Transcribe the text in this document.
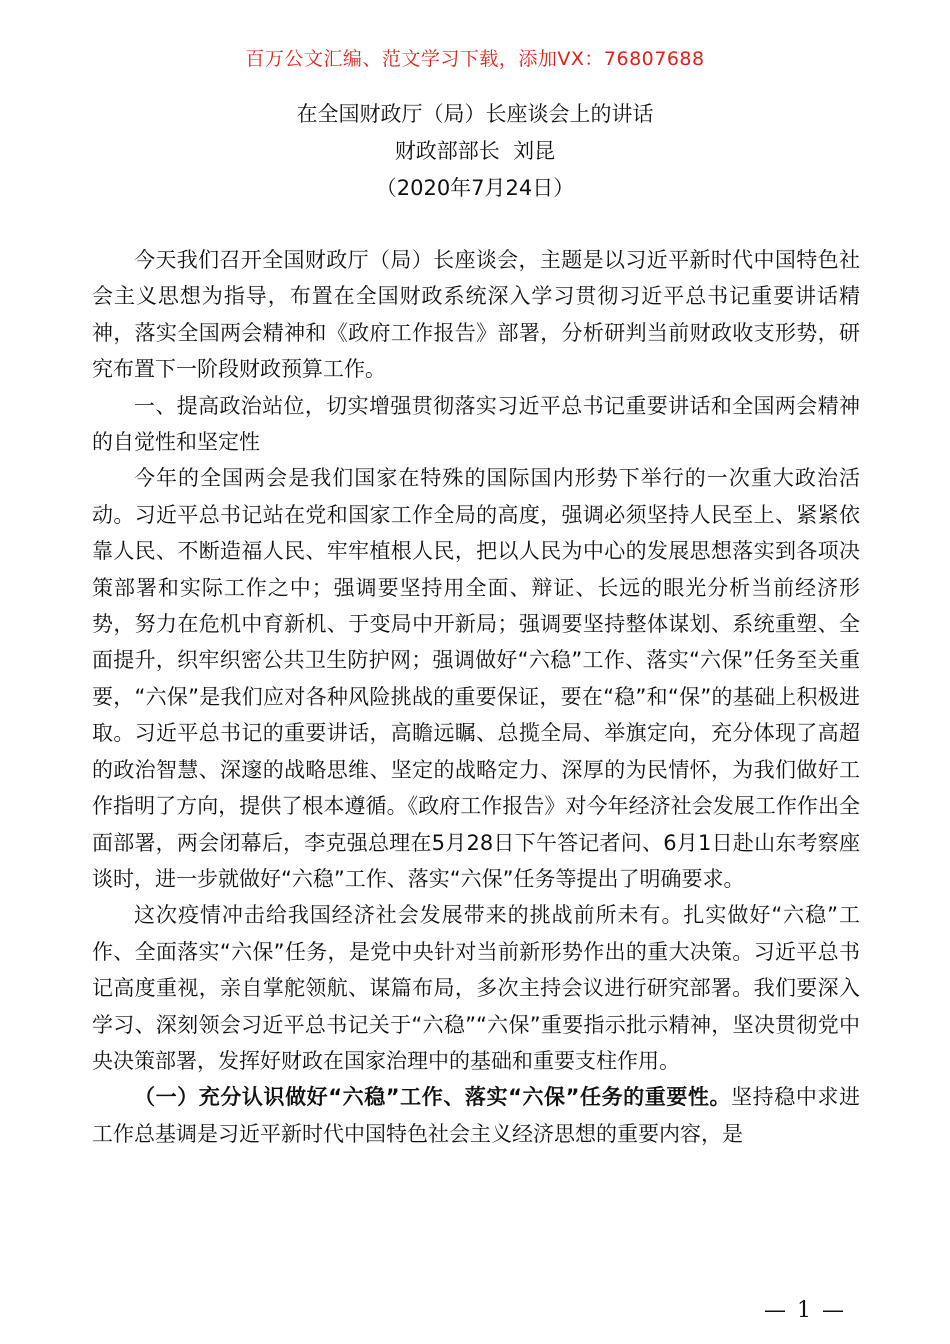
百万公文汇编、范文学习下载，添加VX：76807688
在全国财政厅（局）长座谈会上的讲话
财政部部长  刘昆
（2020年7月24日）

今天我们召开全国财政厅（局）长座谈会，主题是以习近平新时代中国特色社会主义思想为指导，布置在全国财政系统深入学习贯彻习近平总书记重要讲话精神，落实全国两会精神和《政府工作报告》部署，分析研判当前财政收支形势，研究布置下一阶段财政预算工作。

一、提高政治站位，切实增强贯彻落实习近平总书记重要讲话和全国两会精神的自觉性和坚定性

今年的全国两会是我们国家在特殊的国际国内形势下举行的一次重大政治活动。习近平总书记站在党和国家工作全局的高度，强调必须坚持人民至上、紧紧依靠人民、不断造福人民、牢牢植根人民，把以人民为中心的发展思想落实到各项决策部署和实际工作之中；强调要坚持用全面、辩证、长远的眼光分析当前经济形势，努力在危机中育新机、于变局中开新局；强调要坚持整体谋划、系统重塑、全面提升，织牢织密公共卫生防护网；强调做好“六稳”工作、落实“六保”任务至关重要，“六保”是我们应对各种风险挑战的重要保证，要在“稳”和“保”的基础上积极进取。习近平总书记的重要讲话，高瞻远瞩、总揽全局、举旗定向，充分体现了高超的政治智慧、深邃的战略思维、坚定的战略定力、深厚的为民情怀，为我们做好工作指明了方向，提供了根本遵循。《政府工作报告》对今年经济社会发展工作作出全面部署，两会闭幕后，李克强总理在5月28日下午答记者问、6月1日赴山东考察座谈时，进一步就做好“六稳”工作、落实“六保”任务等提出了明确要求。

这次疫情冲击给我国经济社会发展带来的挑战前所未有。扎实做好“六稳”工作、全面落实“六保”任务，是党中央针对当前新形势作出的重大决策。习近平总书记高度重视，亲自掌舵领航、谋篇布局，多次主持会议进行研究部署。我们要深入学习、深刻领会习近平总书记关于“六稳”“六保”重要指示批示精神，坚决贯彻党中央决策部署，发挥好财政在国家治理中的基础和重要支柱作用。

（一）充分认识做好“六稳”工作、落实“六保”任务的重要性。坚持稳中求进工作总基调是习近平新时代中国特色社会主义经济思想的重要内容，是

— 1 —
